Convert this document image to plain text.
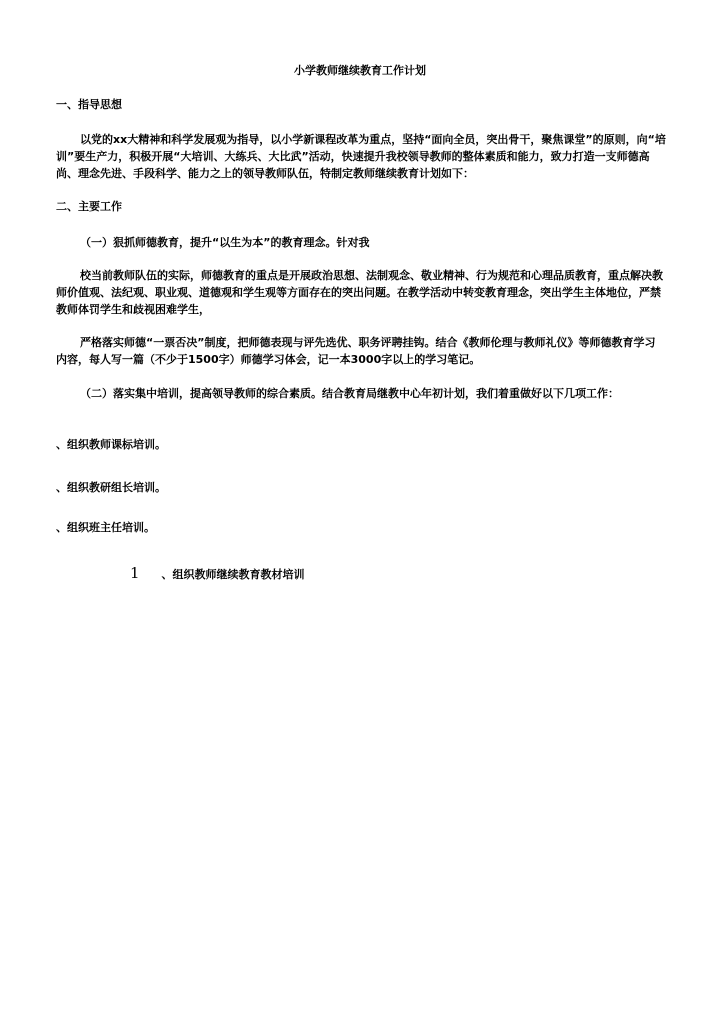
小学教师继续教育工作计划
一、指导思想
以党的xx大精神和科学发展观为指导，以小学新课程改革为重点，坚持“面向全员，突出骨干，聚焦课堂”的原则，向“培训”要生产力，积极开展“大培训、大练兵、大比武”活动，快速提升我校领导教师的整体素质和能力，致力打造一支师德高尚、理念先进、手段科学、能力之上的领导教师队伍，特制定教师继续教育计划如下：
二、主要工作
（一）狠抓师德教育，提升“以生为本”的教育理念。针对我
校当前教师队伍的实际，师德教育的重点是开展政治思想、法制观念、敬业精神、行为规范和心理品质教育，重点解决教师价值观、法纪观、职业观、道德观和学生观等方面存在的突出问题。在教学活动中转变教育理念，突出学生主体地位，严禁教师体罚学生和歧视困难学生，
严格落实师德“一票否决”制度，把师德表现与评先选优、职务评聘挂钩。结合《教师伦理与教师礼仪》等师德教育学习内容，每人写一篇（不少于1500字）师德学习体会，记一本3000字以上的学习笔记。
（二）落实集中培训，提高领导教师的综合素质。结合教育局继教中心年初计划，我们着重做好以下几项工作：
、组织教师课标培训。
、组织教研组长培训。
、组织班主任培训。
1 、组织教师继续教育教材培训
